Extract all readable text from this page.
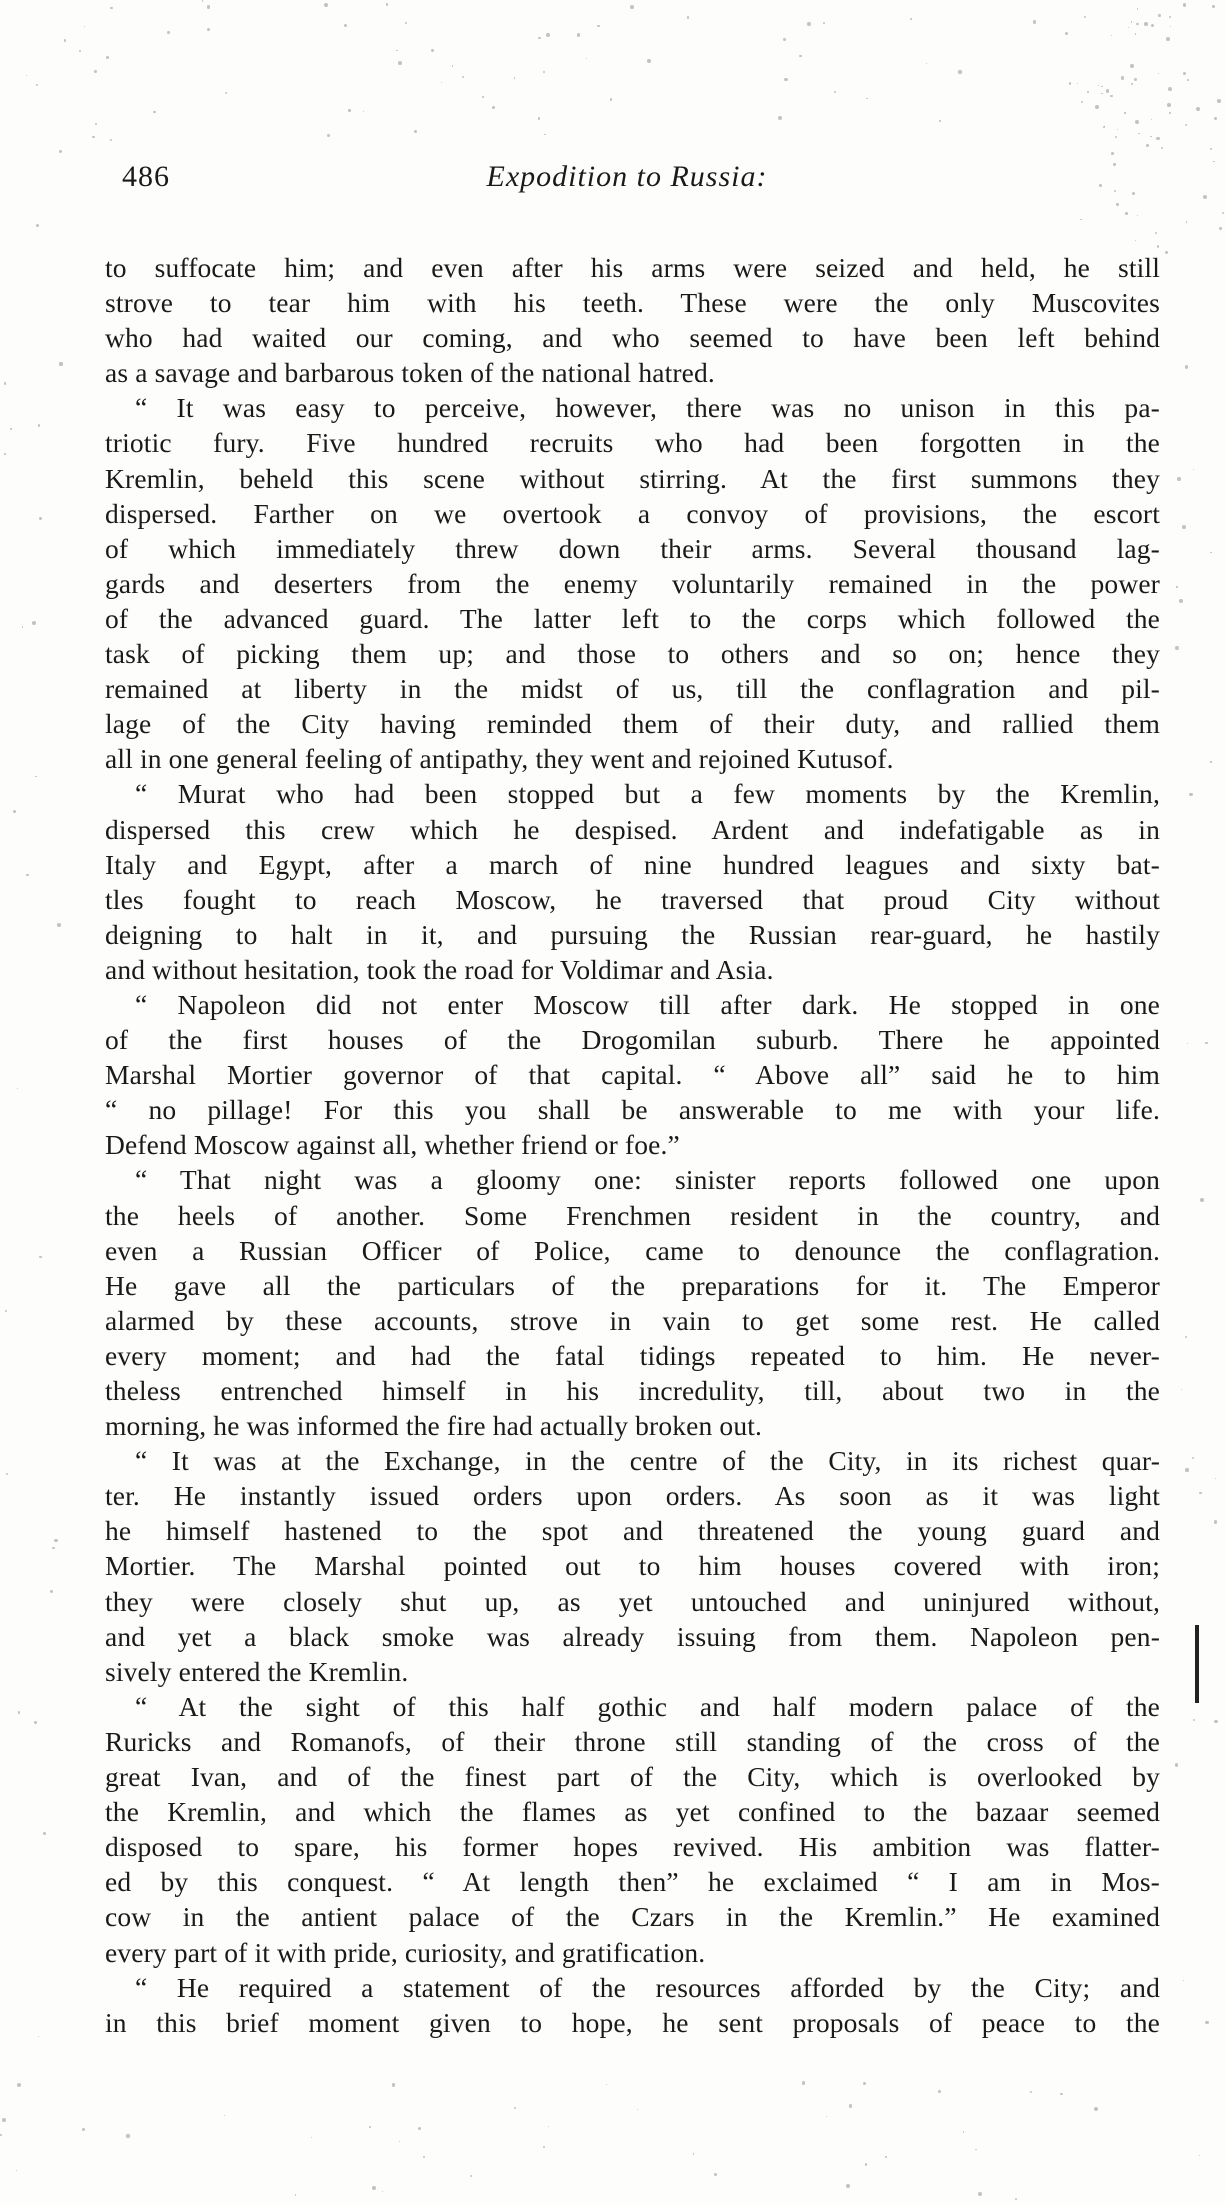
486	Expodition to Russia:
to suffocate him; and even after his arms were seized and held, he still
strove to tear him with his teeth. These were the only Muscovites
who had waited our coming, and who seemed to have been left behind
as a savage and barbarous token of the national hatred.
“ It was easy to perceive, however, there was no unison in this pa-
triotic fury. Five hundred recruits who had been forgotten in the
Kremlin, beheld this scene without stirring. At the first summons they
dispersed. Farther on we overtook a convoy of provisions, the escort
of which immediately threw down their arms. Several thousand lag-
gards and deserters from the enemy voluntarily remained in the power
of the advanced guard. The latter left to the corps which followed the
task of picking them up; and those to others and so on; hence they
remained at liberty in the midst of us, till the conflagration and pil-
lage of the City having reminded them of their duty, and rallied them
all in one general feeling of antipathy, they went and rejoined Kutusof.
“ Murat who had been stopped but a few moments by the Kremlin,
dispersed this crew which he despised. Ardent and indefatigable as in
Italy and Egypt, after a march of nine hundred leagues and sixty bat-
tles fought to reach Moscow, he traversed that proud City without
deigning to halt in it, and pursuing the Russian rear-guard, he hastily
and without hesitation, took the road for Voldimar and Asia.
“ Napoleon did not enter Moscow till after dark. He stopped in one
of the first houses of the Drogomilan suburb. There he appointed
Marshal Mortier governor of that capital. “ Above all” said he to him
“ no pillage! For this you shall be answerable to me with your life.
Defend Moscow against all, whether friend or foe.”
“ That night was a gloomy one: sinister reports followed one upon
the heels of another. Some Frenchmen resident in the country, and
even a Russian Officer of Police, came to denounce the conflagration.
He gave all the particulars of the preparations for it. The Emperor
alarmed by these accounts, strove in vain to get some rest. He called
every moment; and had the fatal tidings repeated to him. He never-
theless entrenched himself in his incredulity, till, about two in the
morning, he was informed the fire had actually broken out.
“ It was at the Exchange, in the centre of the City, in its richest quar-
ter. He instantly issued orders upon orders. As soon as it was light
he himself hastened to the spot and threatened the young guard and
Mortier. The Marshal pointed out to him houses covered with iron;
they were closely shut up, as yet untouched and uninjured without,
and yet a black smoke was already issuing from them. Napoleon pen-
sively entered the Kremlin.
“ At the sight of this half gothic and half modern palace of the
Ruricks and Romanofs, of their throne still standing of the cross of the
great Ivan, and of the finest part of the City, which is overlooked by
the Kremlin, and which the flames as yet confined to the bazaar seemed
disposed to spare, his former hopes revived. His ambition was flatter-
ed by this conquest. “ At length then” he exclaimed “ I am in Mos-
cow in the antient palace of the Czars in the Kremlin.” He examined
every part of it with pride, curiosity, and gratification.
“ He required a statement of the resources afforded by the City; and
in this brief moment given to hope, he sent proposals of peace to the
